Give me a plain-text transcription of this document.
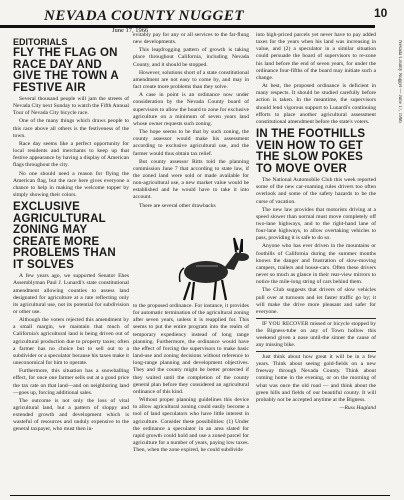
NEVADA COUNTY NUGGET	10
June 17, 1966
Nevada County Nugget — June 17, 1966
EDITORIALS
FLY THE FLAG ON RACE DAY AND GIVE THE TOWN A FESTIVE AIR

Several thousand people will jam the streets of Nevada City next Sunday to watch the Fifth Annual Tour of Nevada City bicycle race.

One of the many things which draws people to this race above all others is the festiveness of the town.

Race day seems like a perfect opportunity for local residents and merchants to keep up that festive appearance by having a display of American flags throughout the city.

No one should need a reason for flying the American flag, but the race here gives everyone a chance to help in making the welcome topper by simply showing their colors.

EXCLUSIVE AGRICULTURAL ZONING MAY CREATE MORE PROBLEMS THAN IT SOLVES

A few years ago, we supported Senator Ehes Assemblyman Paul J. Lunardi's state constitutional amendment allowing counties to assess land designated for agriculture at a rate reflecting only its agricultural use, not its potential for subdivision or other use.

Although the voters rejected this amendment by a small margin, we maintain that much of California's agricultural land is being driven out of agricultural production due to property taxes; often a farmer has no choice but to sell out to a subdivider or a speculator because his taxes make it uneconomical for him to operate.

Furthermore, this situation has a snowballing effect, for once one farmer sells out at a good price the tax rate on that land—and on neighboring land—goes up, forcing additional sales.

The outcome is not only the loss of vital agricultural land, but a pattern of sloppy and extended growth and development which is wasteful of resources and unduly expensive to the general taxpayer, who must then in-

evitably pay for any or all services to the far-flung new developments.

This leapfrogging pattern of growth is taking place throughout California, including Nevada County, and it should be stopped.

However, solutions short of a state constitutional amendment are not easy to come by, and may in fact create more problems than they solve.

A case in point is an ordinance now under consideration by the Nevada County board of supervisors to allow the board to zone for exclusive agriculture on a minimum of seven years land whose owner requests such zoning.

The hope seems to be that by such zoning, the county assessor would make his assessment according to exclusive agricultural use, and the farmer would thus obtain tax relief.

But county assessor Ritts told the planning commission June 7 that according to state law, if the zoned land were sold or made available for non-agricultural use, a new market value would be established and he would have to take it into account.

There are several other drawbacks

to the proposed ordinance. For instance, it provides for automatic termination of the agricultural zoning after seven years, unless it is reapplied for. This seems to put the entire program into the realm of temporary expediency instead of long range planning. Furthermore, the ordinance would have the effect of forcing the supervisors to make basic land-use and zoning decisions without reference to long-range planning and development objectives. They and the county might be better protected if they waited until the completion of the county general plan before they considered an agricultural ordinance of this kind.

Without proper planning guidelines this device to allow agricultural zoning could easily become a tool of land speculators who have little interest in agriculture. Consider these possibilities: (1) Under the ordinance a speculator in an area slated for rapid growth could hold and use a zoned parcel for agriculture for a number of years, paying low taxes. Then, when the zone expired, he could subdivide

into high-priced parcels yet never have to pay added taxes for the years when his land was increasing in value, and (2) a speculator in a similar situation could persuade the board of supervisors to re-zone his land before the end of seven years, for under the ordinance four-fifths of the board may initiate such a change.

At best, the proposed ordinance is deficient in many respects. It should be studied carefully before action is taken. In the meantime, the supervisors should lend vigorous support to Lunardi's continuing efforts to place another agricultural assessment constitutional amendment before the state's voters.

IN THE FOOTHILLS VEIN HOW TO GET THE SLOW POKES TO MOVE OVER

The National Automobile Club this week reported some of the new car-roaming rules drivers too often overlook and some of the safety hazards to be the curse of vacation.

The new law provides that motorists driving at a speed slower than normal must move completely off two-lane highways, and to the right-hand lane of four-lane highways, to allow overtaking vehicles to pass, providing it is safe to do so.

Anyone who has ever driven in the mountains or foothills of California during the summer months knows the danger and frustration of slow-moving campers, trailers and house-cars. Often these drivers never so much as glance in their rear-view mirrors to notice the mile-long string of cars behind them.

The Club suggests that drivers of slow vehicles pull over at turnouts and let faster traffic go by; it will make the drive more pleasant and safer for everyone.

IF YOU RECOVER missed or bicycle stopped by the Bigness-tube on any of Town hollow this weekend given a nose until-the sinner the cause of any missing bike.

Just think about how great it will be in a few years. Think about seeing gold-fields on a new freeway through Nevada County. Think about coming home in the evening, or on the morning of what was once the old road — and think about the green hills and fields of our beautiful county. It will probably not be accepted anytime at the Bigness.

—Russ Hagland
